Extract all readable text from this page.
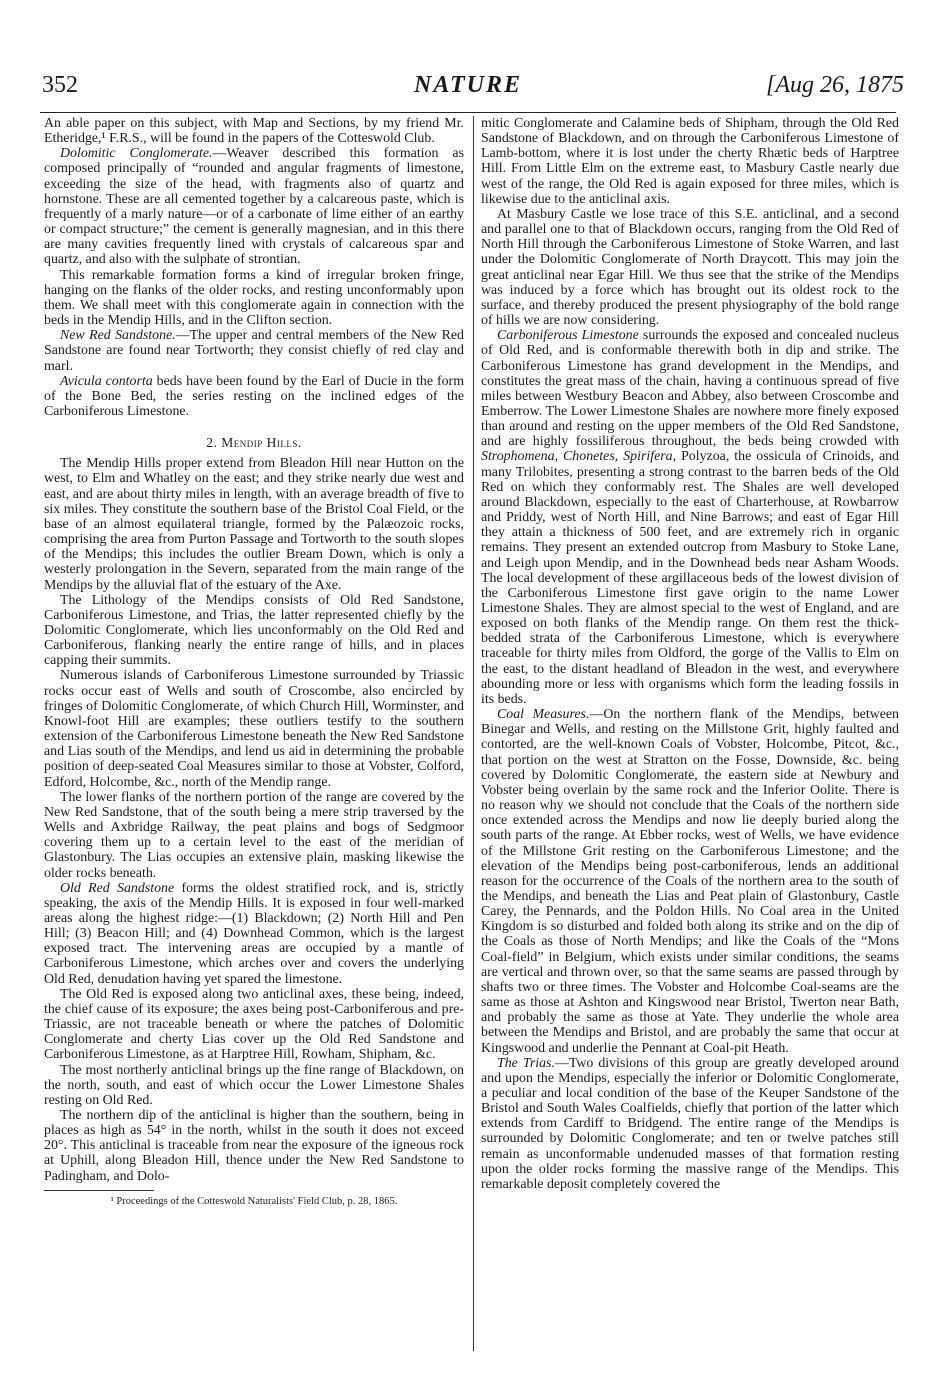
352	NATURE	[Aug 26, 1875

An able paper on this subject, with Map and Sections, by my friend Mr. Etheridge,¹ F.R.S., will be found in the papers of the Cotteswold Club.

Dolomitic Conglomerate.—Weaver described this formation as composed principally of “rounded and angular fragments of limestone, exceeding the size of the head, with fragments also of quartz and hornstone. These are all cemented together by a calcareous paste, which is frequently of a marly nature—or of a carbonate of lime either of an earthy or compact structure;” the cement is generally magnesian, and in this there are many cavities frequently lined with crystals of calcareous spar and quartz, and also with the sulphate of strontian.

This remarkable formation forms a kind of irregular broken fringe, hanging on the flanks of the older rocks, and resting unconformably upon them. We shall meet with this conglomerate again in connection with the beds in the Mendip Hills, and in the Clifton section.

New Red Sandstone.—The upper and central members of the New Red Sandstone are found near Tortworth; they consist chiefly of red clay and marl.

Avicula contorta beds have been found by the Earl of Ducie in the form of the Bone Bed, the series resting on the inclined edges of the Carboniferous Limestone.

2. Mendip Hills.

The Mendip Hills proper extend from Bleadon Hill near Hutton on the west, to Elm and Whatley on the east; and they strike nearly due west and east, and are about thirty miles in length, with an average breadth of five to six miles. They constitute the southern base of the Bristol Coal Field, or the base of an almost equilateral triangle, formed by the Palæozoic rocks, comprising the area from Purton Passage and Tortworth to the south slopes of the Mendips; this includes the outlier Bream Down, which is only a westerly prolongation in the Severn, separated from the main range of the Mendips by the alluvial flat of the estuary of the Axe.

The Lithology of the Mendips consists of Old Red Sandstone, Carboniferous Limestone, and Trias, the latter represented chiefly by the Dolomitic Conglomerate, which lies unconformably on the Old Red and Carboniferous, flanking nearly the entire range of hills, and in places capping their summits.

Numerous islands of Carboniferous Limestone surrounded by Triassic rocks occur east of Wells and south of Croscombe, also encircled by fringes of Dolomitic Conglomerate, of which Church Hill, Worminster, and Knowl-foot Hill are examples; these outliers testify to the southern extension of the Carboniferous Limestone beneath the New Red Sandstone and Lias south of the Mendips, and lend us aid in determining the probable position of deep-seated Coal Measures similar to those at Vobster, Colford, Edford, Holcombe, &c., north of the Mendip range.

The lower flanks of the northern portion of the range are covered by the New Red Sandstone, that of the south being a mere strip traversed by the Wells and Axbridge Railway, the peat plains and bogs of Sedgmoor covering them up to a certain level to the east of the meridian of Glastonbury. The Lias occupies an extensive plain, masking likewise the older rocks beneath.

Old Red Sandstone forms the oldest stratified rock, and is, strictly speaking, the axis of the Mendip Hills. It is exposed in four well-marked areas along the highest ridge:—(1) Blackdown; (2) North Hill and Pen Hill; (3) Beacon Hill; and (4) Downhead Common, which is the largest exposed tract. The intervening areas are occupied by a mantle of Carboniferous Limestone, which arches over and covers the underlying Old Red, denudation having yet spared the limestone.

The Old Red is exposed along two anticlinal axes, these being, indeed, the chief cause of its exposure; the axes being post-Carboniferous and pre-Triassic, are not traceable beneath or where the patches of Dolomitic Conglomerate and cherty Lias cover up the Old Red Sandstone and Carboniferous Limestone, as at Harptree Hill, Rowham, Shipham, &c.

The most northerly anticlinal brings up the fine range of Blackdown, on the north, south, and east of which occur the Lower Limestone Shales resting on Old Red.

The northern dip of the anticlinal is higher than the southern, being in places as high as 54° in the north, whilst in the south it does not exceed 20°. This anticlinal is traceable from near the exposure of the igneous rock at Uphill, along Bleadon Hill, thence under the New Red Sandstone to Padingham, and Dolo-

¹ Proceedings of the Cotteswold Naturalists' Field Club, p. 28, 1865.

mitic Conglomerate and Calamine beds of Shipham, through the Old Red Sandstone of Blackdown, and on through the Carboniferous Limestone of Lamb-bottom, where it is lost under the cherty Rhætic beds of Harptree Hill. From Little Elm on the extreme east, to Masbury Castle nearly due west of the range, the Old Red is again exposed for three miles, which is likewise due to the anticlinal axis.

At Masbury Castle we lose trace of this S.E. anticlinal, and a second and parallel one to that of Blackdown occurs, ranging from the Old Red of North Hill through the Carboniferous Limestone of Stoke Warren, and last under the Dolomitic Conglomerate of North Draycott. This may join the great anticlinal near Egar Hill. We thus see that the strike of the Mendips was induced by a force which has brought out its oldest rock to the surface, and thereby produced the present physiography of the bold range of hills we are now considering.

Carboniferous Limestone surrounds the exposed and concealed nucleus of Old Red, and is conformable therewith both in dip and strike. The Carboniferous Limestone has grand development in the Mendips, and constitutes the great mass of the chain, having a continuous spread of five miles between Westbury Beacon and Abbey, also between Croscombe and Emberrow. The Lower Limestone Shales are nowhere more finely exposed than around and resting on the upper members of the Old Red Sandstone, and are highly fossiliferous throughout, the beds being crowded with Strophomena, Chonetes, Spirifera, Polyzoa, the ossicula of Crinoids, and many Trilobites, presenting a strong contrast to the barren beds of the Old Red on which they conformably rest. The Shales are well developed around Blackdown, especially to the east of Charterhouse, at Rowbarrow and Priddy, west of North Hill, and Nine Barrows; and east of Egar Hill they attain a thickness of 500 feet, and are extremely rich in organic remains. They present an extended outcrop from Masbury to Stoke Lane, and Leigh upon Mendip, and in the Downhead beds near Asham Woods. The local development of these argillaceous beds of the lowest division of the Carboniferous Limestone first gave origin to the name Lower Limestone Shales. They are almost special to the west of England, and are exposed on both flanks of the Mendip range. On them rest the thick-bedded strata of the Carboniferous Limestone, which is everywhere traceable for thirty miles from Oldford, the gorge of the Vallis to Elm on the east, to the distant headland of Bleadon in the west, and everywhere abounding more or less with organisms which form the leading fossils in its beds.

Coal Measures.—On the northern flank of the Mendips, between Binegar and Wells, and resting on the Millstone Grit, highly faulted and contorted, are the well-known Coals of Vobster, Holcombe, Pitcot, &c., that portion on the west at Stratton on the Fosse, Downside, &c. being covered by Dolomitic Conglomerate, the eastern side at Newbury and Vobster being overlain by the same rock and the Inferior Oolite. There is no reason why we should not conclude that the Coals of the northern side once extended across the Mendips and now lie deeply buried along the south parts of the range. At Ebber rocks, west of Wells, we have evidence of the Millstone Grit resting on the Carboniferous Limestone; and the elevation of the Mendips being post-carboniferous, lends an additional reason for the occurrence of the Coals of the northern area to the south of the Mendips, and beneath the Lias and Peat plain of Glastonbury, Castle Carey, the Pennards, and the Poldon Hills. No Coal area in the United Kingdom is so disturbed and folded both along its strike and on the dip of the Coals as those of North Mendips; and like the Coals of the “Mons Coal-field” in Belgium, which exists under similar conditions, the seams are vertical and thrown over, so that the same seams are passed through by shafts two or three times. The Vobster and Holcombe Coal-seams are the same as those at Ashton and Kingswood near Bristol, Twerton near Bath, and probably the same as those at Yate. They underlie the whole area between the Mendips and Bristol, and are probably the same that occur at Kingswood and underlie the Pennant at Coal-pit Heath.

The Trias.—Two divisions of this group are greatly developed around and upon the Mendips, especially the inferior or Dolomitic Conglomerate, a peculiar and local condition of the base of the Keuper Sandstone of the Bristol and South Wales Coalfields, chiefly that portion of the latter which extends from Cardiff to Bridgend. The entire range of the Mendips is surrounded by Dolomitic Conglomerate; and ten or twelve patches still remain as unconformable undenuded masses of that formation resting upon the older rocks forming the massive range of the Mendips. This remarkable deposit completely covered the
